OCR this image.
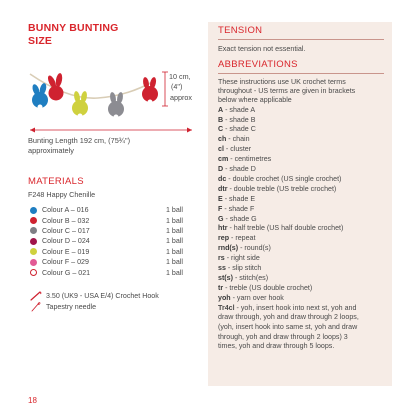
BUNNY BUNTING
SIZE
10 cm,
(4")
approx
Bunting Length 192 cm, (75¾")
approximately
MATERIALS
F248 Happy Chenille
Colour A – 016	1 ball
Colour B – 032	1 ball
Colour C – 017	1 ball
Colour D – 024	1 ball
Colour E – 019	1 ball
Colour F – 029	1 ball
Colour G – 021	1 ball
3.50 (UK9 - USA E/4) Crochet Hook
Tapestry needle
18
TENSION
Exact tension not essential.
ABBREVIATIONS
These instructions use UK crochet terms
throughout - US terms are given in brackets
below where applicable
A - shade A
B - shade B
C - shade C
ch - chain
cl - cluster
cm - centimetres
D - shade D
dc - double crochet (US single crochet)
dtr - double treble (US treble crochet)
E - shade E
F - shade F
G - shade G
htr - half treble (US half double crochet)
rep - repeat
rnd(s) - round(s)
rs - right side
ss - slip stitch
st(s) - stitch(es)
tr - treble (US double crochet)
yoh - yarn over hook
Tr4cl - yoh, insert hook into next st, yoh and
draw through, yoh and draw through 2 loops,
(yoh, insert hook into same st, yoh and draw
through, yoh and draw through 2 loops) 3
times, yoh and draw through 5 loops.
